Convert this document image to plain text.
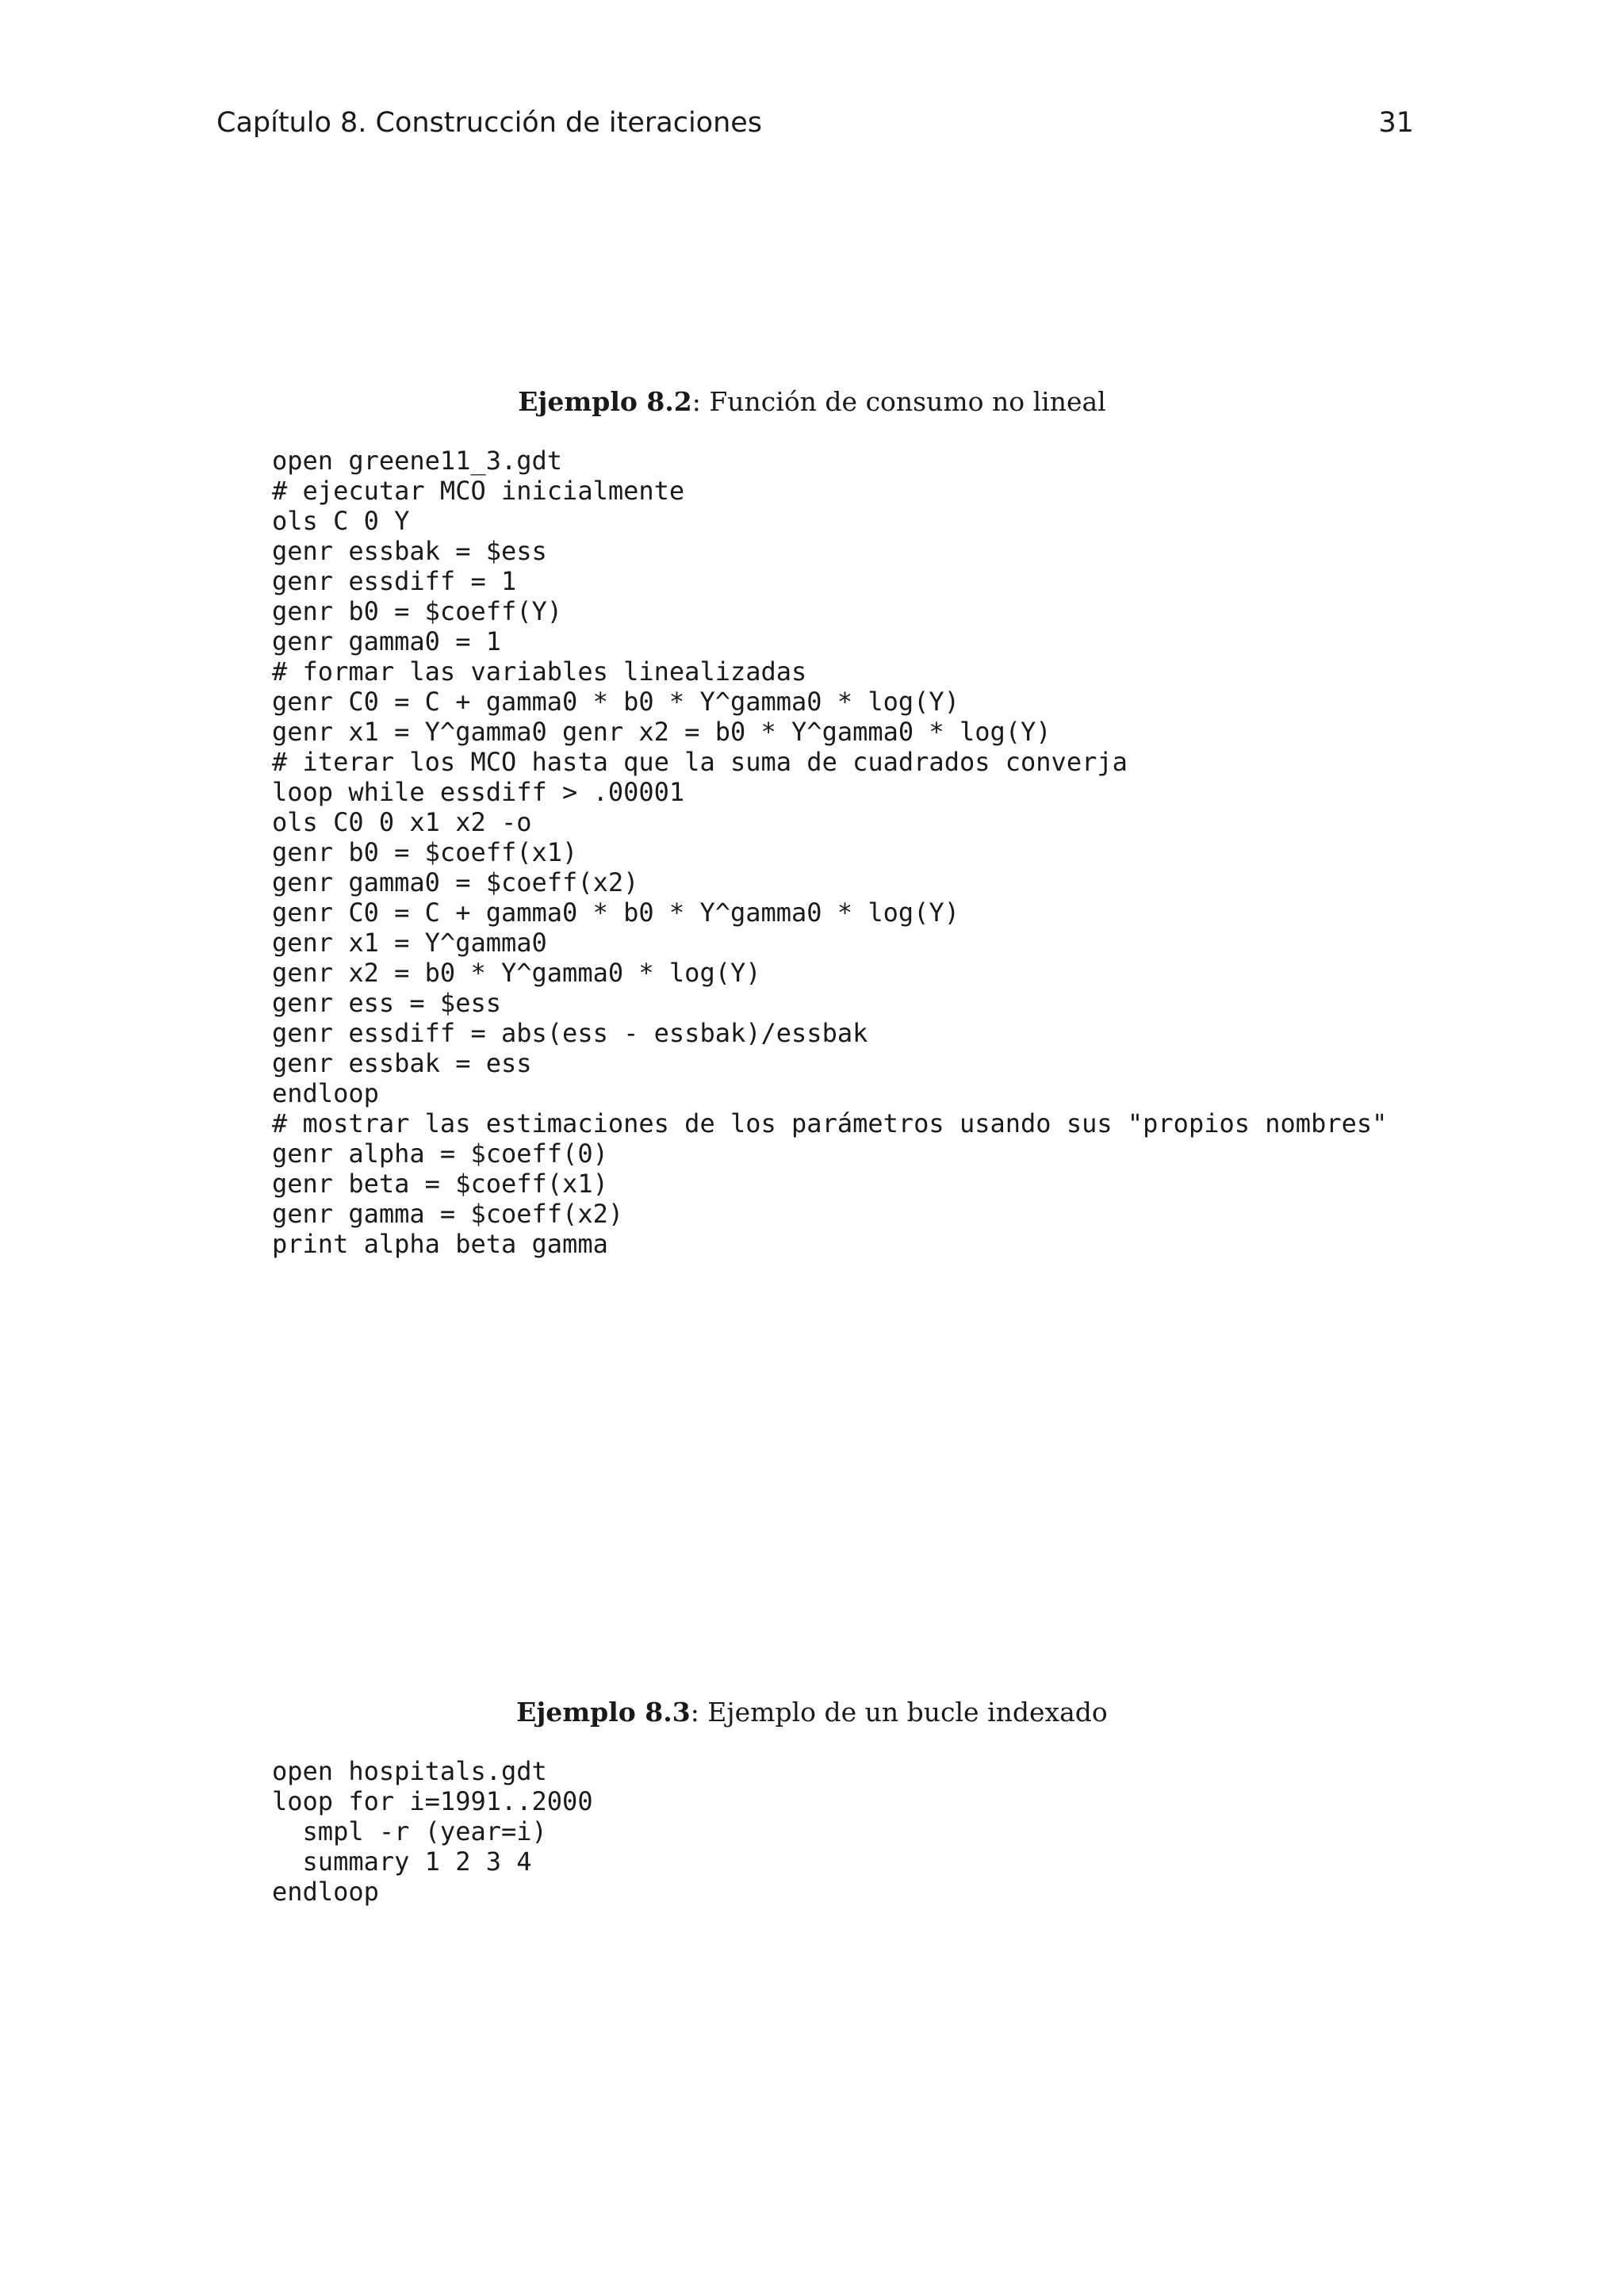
Capítulo 8. Construcción de iteraciones	31
Ejemplo 8.2: Función de consumo no lineal
open greene11_3.gdt
# ejecutar MCO inicialmente
ols C 0 Y
genr essbak = $ess
genr essdiff = 1
genr b0 = $coeff(Y)
genr gamma0 = 1
# formar las variables linealizadas
genr C0 = C + gamma0 * b0 * Y^gamma0 * log(Y)
genr x1 = Y^gamma0 genr x2 = b0 * Y^gamma0 * log(Y)
# iterar los MCO hasta que la suma de cuadrados converja
loop while essdiff > .00001
ols C0 0 x1 x2 -o
genr b0 = $coeff(x1)
genr gamma0 = $coeff(x2)
genr C0 = C + gamma0 * b0 * Y^gamma0 * log(Y)
genr x1 = Y^gamma0
genr x2 = b0 * Y^gamma0 * log(Y)
genr ess = $ess
genr essdiff = abs(ess - essbak)/essbak
genr essbak = ess
endloop
# mostrar las estimaciones de los parámetros usando sus "propios nombres"
genr alpha = $coeff(0)
genr beta = $coeff(x1)
genr gamma = $coeff(x2)
print alpha beta gamma
Ejemplo 8.3: Ejemplo de un bucle indexado
open hospitals.gdt
loop for i=1991..2000
smpl -r (year=i)
summary 1 2 3 4
endloop
